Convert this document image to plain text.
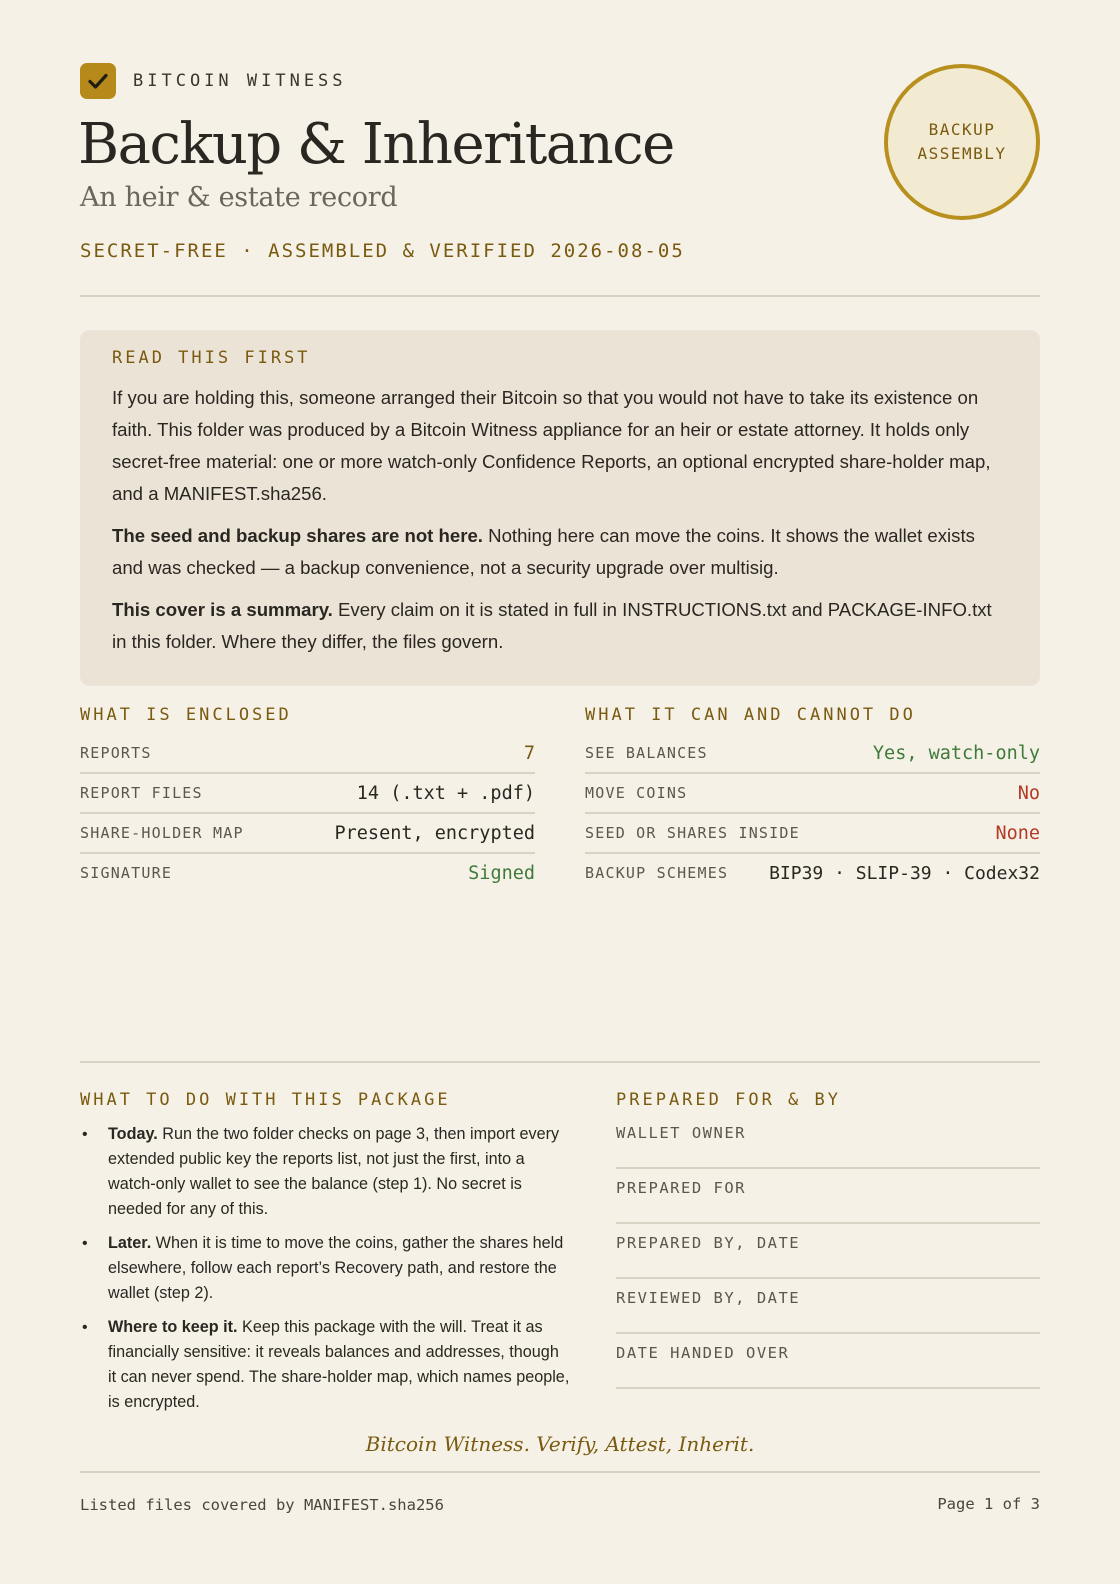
BITCOIN WITNESS
Backup & Inheritance
An heir & estate record
SECRET-FREE · ASSEMBLED & VERIFIED 2026-08-05
BACKUP
ASSEMBLY
READ THIS FIRST

If you are holding this, someone arranged their Bitcoin so that you would not have to take its existence on faith. This folder was produced by a Bitcoin Witness appliance for an heir or estate attorney. It holds only secret-free material: one or more watch-only Confidence Reports, an optional encrypted share-holder map, and a MANIFEST.sha256.

The seed and backup shares are not here. Nothing here can move the coins. It shows the wallet exists and was checked — a backup convenience, not a security upgrade over multisig.

This cover is a summary. Every claim on it is stated in full in INSTRUCTIONS.txt and PACKAGE-INFO.txt in this folder. Where they differ, the files govern.

WHAT IS ENCLOSED
REPORTS	7
REPORT FILES	14 (.txt + .pdf)
SHARE-HOLDER MAP	Present, encrypted
SIGNATURE	Signed
WHAT IT CAN AND CANNOT DO
SEE BALANCES	Yes, watch-only
MOVE COINS	No
SEED OR SHARES INSIDE	None
BACKUP SCHEMES BIP39 · SLIP-39 · Codex32
WHAT TO DO WITH THIS PACKAGE
• Today. Run the two folder checks on page 3, then import every extended public key the reports list, not just the first, into a watch-only wallet to see the balance (step 1). No secret is needed for any of this.
• Later. When it is time to move the coins, gather the shares held elsewhere, follow each report’s Recovery path, and restore the wallet (step 2).
• Where to keep it. Keep this package with the will. Treat it as financially sensitive: it reveals balances and addresses, though it can never spend. The share-holder map, which names people, is encrypted.
PREPARED FOR & BY
WALLET OWNER
PREPARED FOR
PREPARED BY, DATE
REVIEWED BY, DATE
DATE HANDED OVER
Bitcoin Witness. Verify, Attest, Inherit.
Listed files covered by MANIFEST.sha256	Page 1 of 3
